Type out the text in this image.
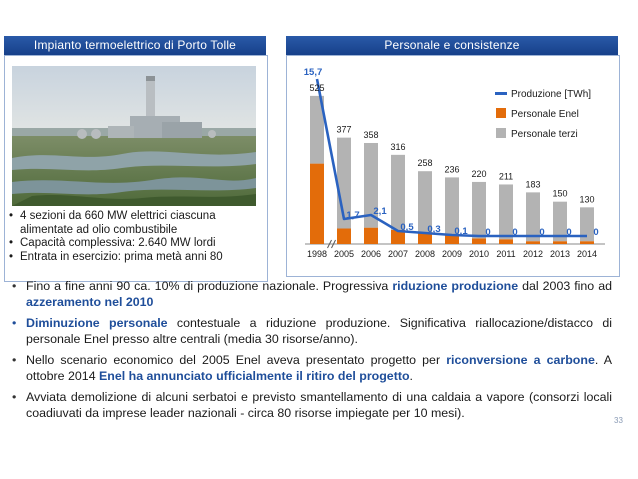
Impianto termoelettrico di Porto Tolle	Personale e consistenze
• 4 sezioni da 660 MW elettrici ciascuna alimentate ad olio combustibile
• Capacità complessiva: 2.640 MW lordi
• Entrata in esercizio: prima metà anni 80
525
1998
377
2005
358
2006
316
2007
258
2008
236
2009
220
2010
211
2011
183
2012
150
2013
130
2014
15,7
1,7 2,1
0,5 0,3 0,1 0 0 0 0 0
Produzione [TWh]
Personale Enel
Personale terzi
• Fino a fine anni 90 ca. 10% di produzione nazionale. Progressiva riduzione produzione dal 2003 fino ad azzeramento nel 2010
• Diminuzione personale contestuale a riduzione produzione. Significativa riallocazione/distacco di personale Enel presso altre centrali (media 30 risorse/anno).
• Nello scenario economico del 2005 Enel aveva presentato progetto per riconversione a carbone. A ottobre 2014 Enel ha annunciato ufficialmente il ritiro del progetto.
• Avviata demolizione di alcuni serbatoi e previsto smantellamento di una caldaia a vapore (consorzi locali coadiuvati da imprese leader nazionali - circa 80 risorse impiegate per 10 mesi).
33
